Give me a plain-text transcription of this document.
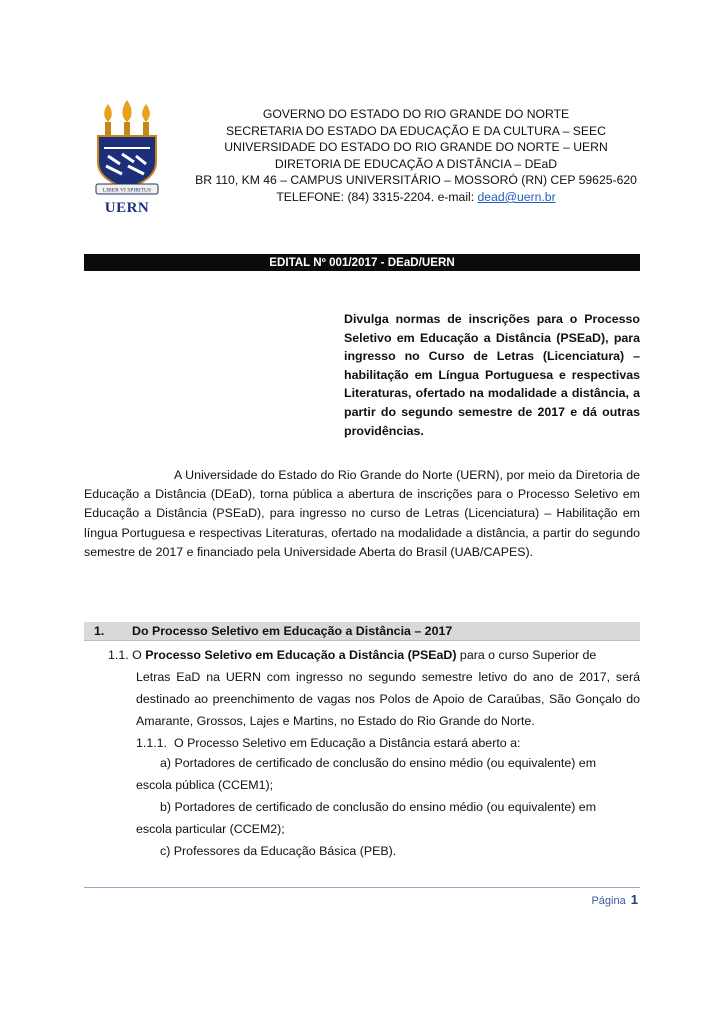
LIBER VI SPIRITUS
UERN
GOVERNO DO ESTADO DO RIO GRANDE DO NORTE
SECRETARIA DO ESTADO DA EDUCAÇÃO E DA CULTURA – SEEC
UNIVERSIDADE DO ESTADO DO RIO GRANDE DO NORTE – UERN
DIRETORIA DE EDUCAÇÃO A DISTÂNCIA – DEaD
BR 110, KM 46 – CAMPUS UNIVERSITÁRIO – MOSSORÓ (RN) CEP 59625-620
TELEFONE: (84) 3315-2204. e-mail: dead@uern.br
EDITAL Nº 001/2017 - DEaD/UERN
Divulga normas de inscrições para o Processo Seletivo em Educação a Distância (PSEaD), para ingresso no Curso de Letras (Licenciatura) – habilitação em Língua Portuguesa e respectivas Literaturas, ofertado na modalidade a distância, a partir do segundo semestre de 2017 e dá outras providências.
A Universidade do Estado do Rio Grande do Norte (UERN), por meio da Diretoria de Educação a Distância (DEaD), torna pública a abertura de inscrições para o Processo Seletivo em Educação a Distância (PSEaD), para ingresso no curso de Letras (Licenciatura) – Habilitação em língua Portuguesa e respectivas Literaturas, ofertado na modalidade a distância, a partir do segundo semestre de 2017 e financiado pela Universidade Aberta do Brasil (UAB/CAPES).
1. Do Processo Seletivo em Educação a Distância – 2017
1.1. O Processo Seletivo em Educação a Distância (PSEaD) para o curso Superior de
Letras EaD na UERN com ingresso no segundo semestre letivo do ano de 2017, será destinado ao preenchimento de vagas nos Polos de Apoio de Caraúbas, São Gonçalo do Amarante, Grossos, Lajes e Martins, no Estado do Rio Grande do Norte.
1.1.1. O Processo Seletivo em Educação a Distância estará aberto a:
a) Portadores de certificado de conclusão do ensino médio (ou equivalente) em
escola pública (CCEM1);
b) Portadores de certificado de conclusão do ensino médio (ou equivalente) em
escola particular (CCEM2);
c) Professores da Educação Básica (PEB).
Página 1
